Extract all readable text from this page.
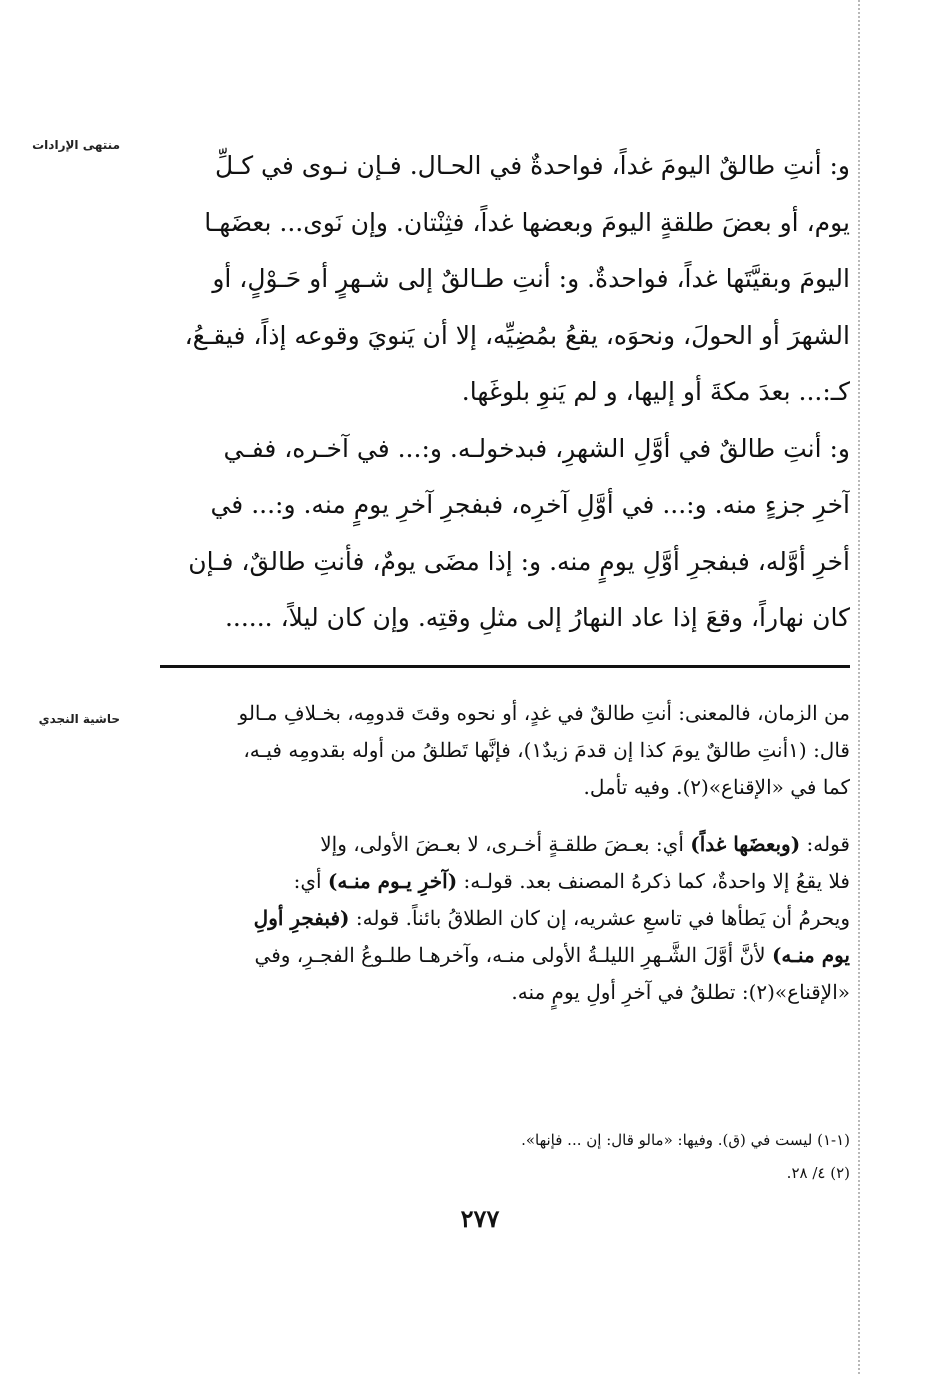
منتهى الإرادات
حاشية النجدي
و: أنتِ طالقٌ اليومَ غداً، فواحدةٌ في الحـال. فـإن نـوى في كـلِّ
يوم، أو بعضَ طلقةٍ اليومَ وبعضها غداً، فثِنْتان. وإن نَوى... بعضَهـا
اليومَ وبقيَّتَها غداً، فواحدةٌ. و: أنتِ طـالقٌ إلى شـهرٍ أو حَـوْلٍ، أو
الشهرَ أو الحولَ، ونحوَه، يقعُ بمُضِيِّه، إلا أن يَنويَ وقوعه إذاً، فيقـعُ،
كـ:... بعدَ مكةَ أو إليها، و لم يَنوِ بلوغَها.
و: أنتِ طالقٌ في أوَّلِ الشهرِ، فبدخولـه. و:... في آخـره، ففـي
آخرِ جزءٍ منه. و:... في أوَّلِ آخرِه، فبفجرِ آخرِ يومٍ منه. و:... في
أخرِ أوَّله، فبفجرِ أوَّلِ يومٍ منه. و: إذا مضَى يومٌ، فأنتِ طالقٌ، فـإن
كان نهاراً، وقعَ إذا عاد النهارُ إلى مثلِ وقتِه. وإن كان ليلاً، ......
من الزمان، فالمعنى: أنتِ طالقٌ في غدٍ، أو نحوه وقتَ قدومِه، بخـلافِ مـالو
قال: (١أنتِ طالقٌ يومَ كذا إن قدمَ زيدٌ١)، فإنَّها تَطلقُ من أوله بقدومِه فيـه،
كما في «الإقناع»(٢). وفيه تأمل.
قوله: (وبعضَها غداً) أي: بعـضَ طلقـةٍ أخـرى، لا بعـضَ الأولى، وإلا
فلا يقعُ إلا واحدةٌ، كما ذكرهُ المصنف بعد. قولـه: (آخرِ يـوم منـه) أي:
ويحرمُ أن يَطأها في تاسعِ عشريه، إن كان الطلاقُ بائناً. قوله: (فبفجرِ أولِ
يوم منـه) لأنَّ أوَّلَ الشَّـهرِ الليلـةُ الأولى منـه، وآخرهـا طلـوعُ الفجـرِ، وفي
«الإقناع»(٢): تطلقُ في آخرِ أولِ يومٍ منه.
(١-١) ليست في (ق). وفيها: «مالو قال: إن ... فإنها».
(٢) ٤/ ٢٨.
٢٧٧
